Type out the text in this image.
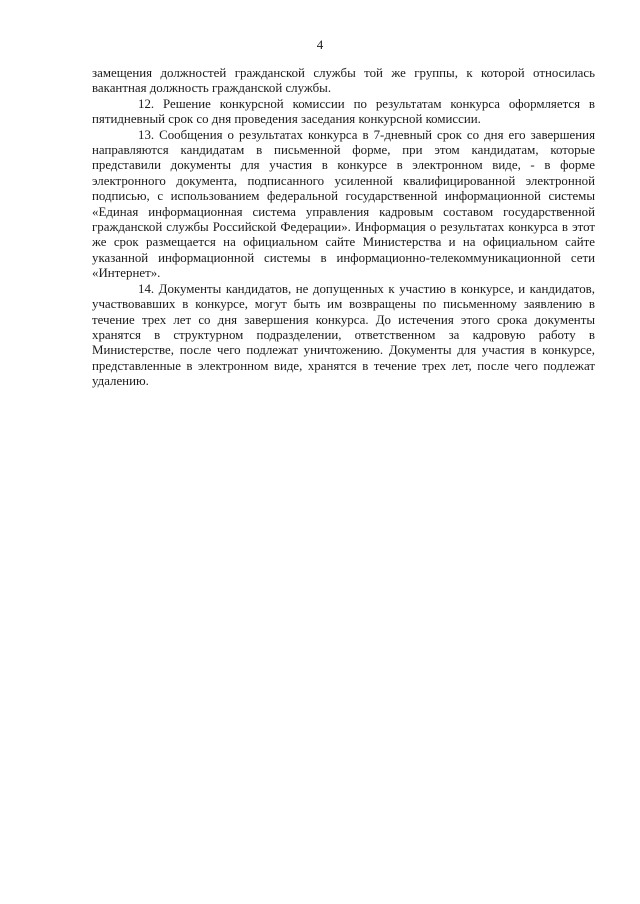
4

замещения должностей гражданской службы той же группы, к которой относилась вакантная должность гражданской службы.

12. Решение конкурсной комиссии по результатам конкурса оформляется в пятидневный срок со дня проведения заседания конкурсной комиссии.

13. Сообщения о результатах конкурса в 7-дневный срок со дня его завершения направляются кандидатам в письменной форме, при этом кандидатам, которые представили документы для участия в конкурсе в электронном виде, - в форме электронного документа, подписанного усиленной квалифицированной электронной подписью, с использованием федеральной государственной информационной системы «Единая информационная система управления кадровым составом государственной гражданской службы Российской Федерации». Информация о результатах конкурса в этот же срок размещается на официальном сайте Министерства и на официальном сайте указанной информационной системы в информационно-телекоммуникационной сети «Интернет».

14. Документы кандидатов, не допущенных к участию в конкурсе, и кандидатов, участвовавших в конкурсе, могут быть им возвращены по письменному заявлению в течение трех лет со дня завершения конкурса. До истечения этого срока документы хранятся в структурном подразделении, ответственном за кадровую работу в Министерстве, после чего подлежат уничтожению. Документы для участия в конкурсе, представленные в электронном виде, хранятся в течение трех лет, после чего подлежат удалению.
